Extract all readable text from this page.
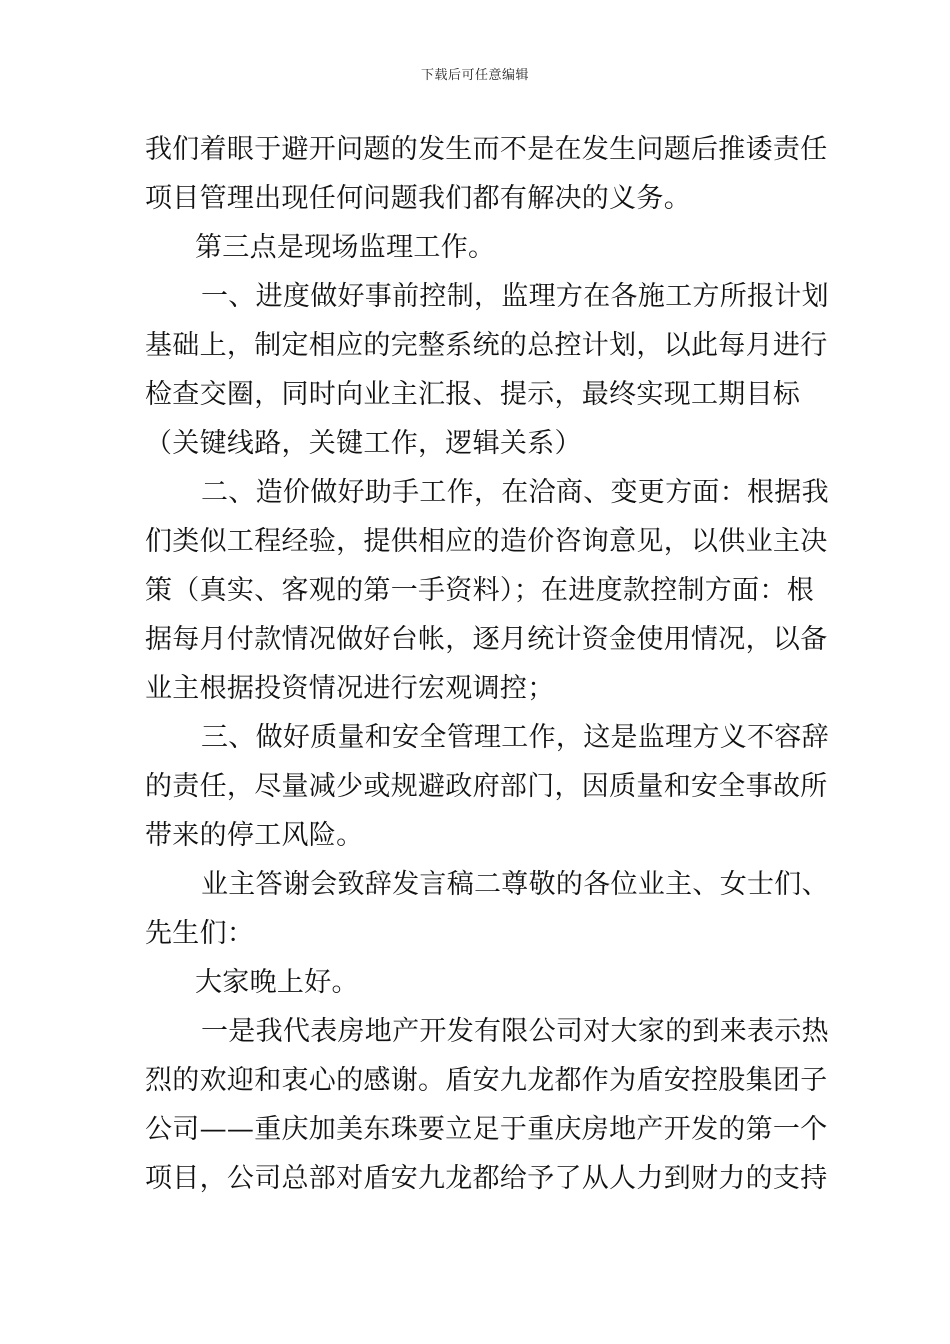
下载后可任意编辑
我们着眼于避开问题的发生而不是在发生问题后推诿责任
项目管理出现任何问题我们都有解决的义务。
第三点是现场监理工作。
一、进度做好事前控制，监理方在各施工方所报计划
基础上，制定相应的完整系统的总控计划，以此每月进行
检查交圈，同时向业主汇报、提示，最终实现工期目标
（关键线路，关键工作，逻辑关系）
二、造价做好助手工作，在洽商、变更方面：根据我
们类似工程经验，提供相应的造价咨询意见，以供业主决
策（真实、客观的第一手资料）；在进度款控制方面：根
据每月付款情况做好台帐，逐月统计资金使用情况，以备
业主根据投资情况进行宏观调控；
三、做好质量和安全管理工作，这是监理方义不容辞
的责任，尽量减少或规避政府部门，因质量和安全事故所
带来的停工风险。
业主答谢会致辞发言稿二尊敬的各位业主、女士们、
先生们：
大家晚上好。
一是我代表房地产开发有限公司对大家的到来表示热
烈的欢迎和衷心的感谢。盾安九龙都作为盾安控股集团子
公司——重庆加美东珠要立足于重庆房地产开发的第一个
项目，公司总部对盾安九龙都给予了从人力到财力的支持
